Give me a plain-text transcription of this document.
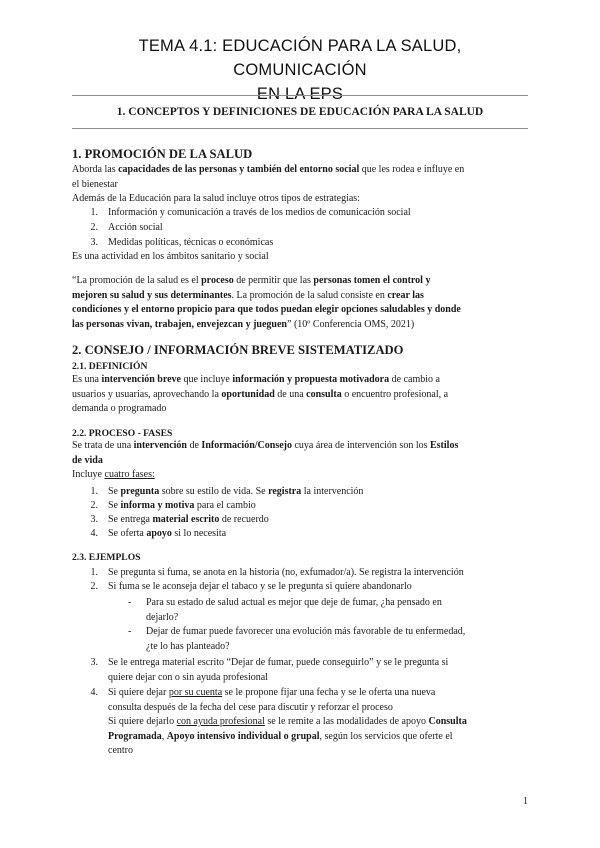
TEMA 4.1: EDUCACIÓN PARA LA SALUD, COMUNICACIÓN
EN LA EPS
1. CONCEPTOS Y DEFINICIONES DE EDUCACIÓN PARA LA SALUD
1. PROMOCIÓN DE LA SALUD
Aborda las capacidades de las personas y también del entorno social que les rodea e influye en
el bienestar
Además de la Educación para la salud incluye otros tipos de estrategias:
1. Información y comunicación a través de los medios de comunicación social
2. Acción social
3. Medidas políticas, técnicas o económicas
Es una actividad en los ámbitos sanitario y social
“La promoción de la salud es el proceso de permitir que las personas tomen el control y
mejoren su salud y sus determinantes. La promoción de la salud consiste en crear las
condiciones y el entorno propicio para que todos puedan elegir opciones saludables y donde
las personas vivan, trabajen, envejezcan y jueguen” (10º Conferencia OMS, 2021)
2. CONSEJO / INFORMACIÓN BREVE SISTEMATIZADO
2.1. DEFINICIÓN
Es una intervención breve que incluye información y propuesta motivadora de cambio a
usuarios y usuarias, aprovechando la oportunidad de una consulta o encuentro profesional, a
demanda o programado
2.2. PROCESO - FASES
Se trata de una intervención de Información/Consejo cuya área de intervención son los Estilos
de vida
Incluye cuatro fases:
1. Se pregunta sobre su estilo de vida. Se registra la intervención
2. Se informa y motiva para el cambio
3. Se entrega material escrito de recuerdo
4. Se oferta apoyo si lo necesita
2.3. EJEMPLOS
1. Se pregunta si fuma, se anota en la historia (no, exfumador/a). Se registra la intervención
2. Si fuma se le aconseja dejar el tabaco y se le pregunta si quiere abandonarlo
- Para su estado de salud actual es mejor que deje de fumar, ¿ha pensado en
dejarlo?
- Dejar de fumar puede favorecer una evolución más favorable de tu enfermedad,
¿te lo has planteado?
3. Se le entrega material escrito “Dejar de fumar, puede conseguirlo” y se le pregunta si
quiere dejar con o sin ayuda profesional
4. Si quiere dejar por su cuenta se le propone fijar una fecha y se le oferta una nueva
consulta después de la fecha del cese para discutir y reforzar el proceso
Si quiere dejarlo con ayuda profesional se le remite a las modalidades de apoyo Consulta
Programada, Apoyo intensivo individual o grupal, según los servicios que oferte el
centro
1
